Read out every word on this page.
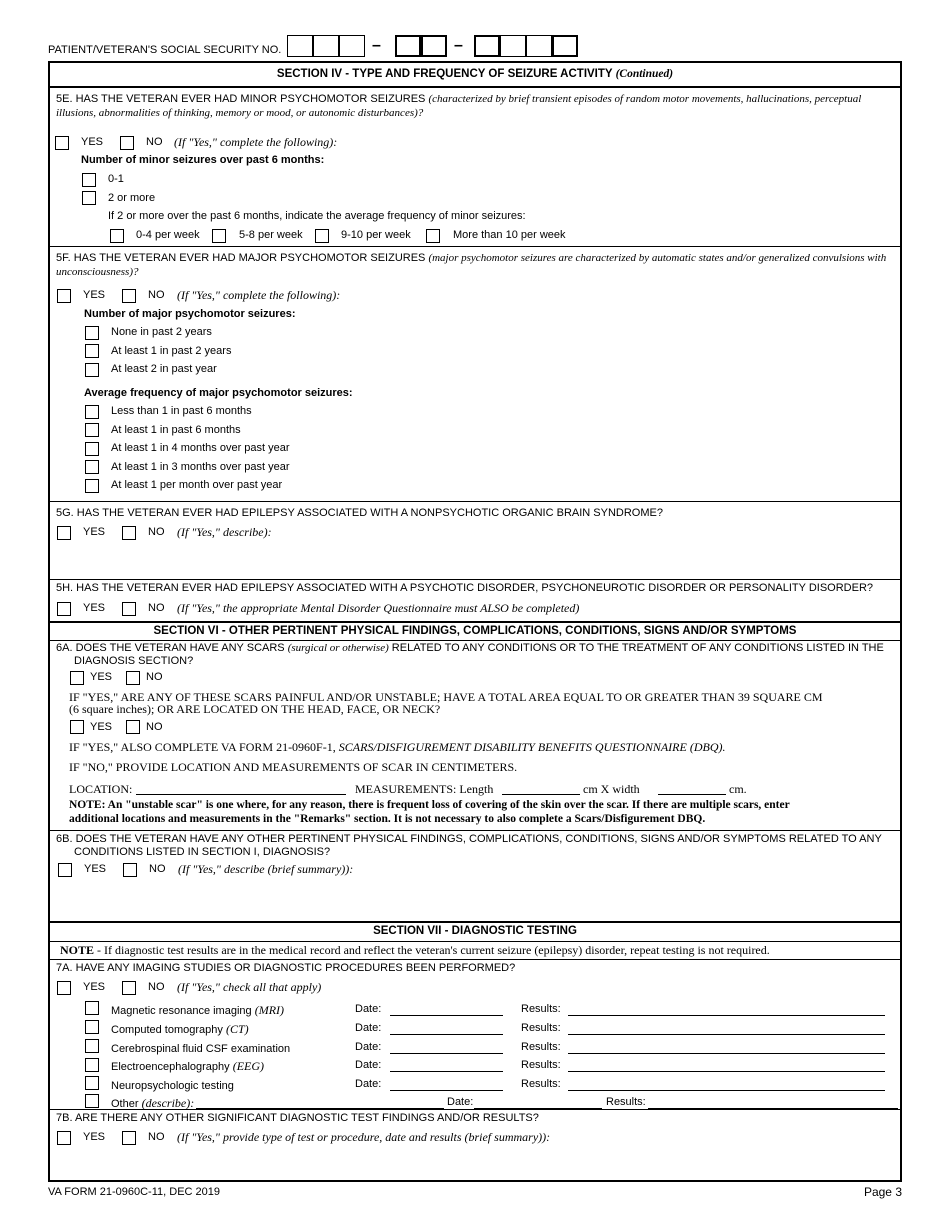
PATIENT/VETERAN'S SOCIAL SECURITY NO.	–	–
SECTION IV - TYPE AND FREQUENCY OF SEIZURE ACTIVITY (Continued)
5E. HAS THE VETERAN EVER HAD MINOR PSYCHOMOTOR SEIZURES (characterized by brief transient episodes of random motor movements, hallucinations, perceptual illusions, abnormalities of thinking, memory or mood, or autonomic disturbances)?
YES	NO (If "Yes," complete the following):
Number of minor seizures over past 6 months:
0-1
2 or more
If 2 or more over the past 6 months, indicate the average frequency of minor seizures:
0-4 per week	5-8 per week	9-10 per week	More than 10 per week
5F. HAS THE VETERAN EVER HAD MAJOR PSYCHOMOTOR SEIZURES (major psychomotor seizures are characterized by automatic states and/or generalized convulsions with unconsciousness)?
YES	NO (If "Yes," complete the following):
Number of major psychomotor seizures:
None in past 2 years
At least 1 in past 2 years
At least 2 in past year
Average frequency of major psychomotor seizures:
Less than 1 in past 6 months
At least 1 in past 6 months
At least 1 in 4 months over past year
At least 1 in 3 months over past year
At least 1 per month over past year
5G. HAS THE VETERAN EVER HAD EPILEPSY ASSOCIATED WITH A NONPSYCHOTIC ORGANIC BRAIN SYNDROME?
YES	NO (If "Yes," describe):
5H. HAS THE VETERAN EVER HAD EPILEPSY ASSOCIATED WITH A PSYCHOTIC DISORDER, PSYCHONEUROTIC DISORDER OR PERSONALITY DISORDER?
YES	NO (If "Yes," the appropriate Mental Disorder Questionnaire must ALSO be completed)
SECTION VI - OTHER PERTINENT PHYSICAL FINDINGS, COMPLICATIONS, CONDITIONS, SIGNS AND/OR SYMPTOMS
6A. DOES THE VETERAN HAVE ANY SCARS (surgical or otherwise) RELATED TO ANY CONDITIONS OR TO THE TREATMENT OF ANY CONDITIONS LISTED IN THE
DIAGNOSIS SECTION?
YES	NO
IF "YES," ARE ANY OF THESE SCARS PAINFUL AND/OR UNSTABLE; HAVE A TOTAL AREA EQUAL TO OR GREATER THAN 39 SQUARE CM
(6 square inches); OR ARE LOCATED ON THE HEAD, FACE, OR NECK?
YES	NO
IF "YES," ALSO COMPLETE VA FORM 21-0960F-1, SCARS/DISFIGUREMENT DISABILITY BENEFITS QUESTIONNAIRE (DBQ).
IF "NO," PROVIDE LOCATION AND MEASUREMENTS OF SCAR IN CENTIMETERS.
LOCATION:	MEASUREMENTS: Length	cm X width	cm.
NOTE: An "unstable scar" is one where, for any reason, there is frequent loss of covering of the skin over the scar. If there are multiple scars, enter
additional locations and measurements in the "Remarks" section. It is not necessary to also complete a Scars/Disfigurement DBQ.
6B. DOES THE VETERAN HAVE ANY OTHER PERTINENT PHYSICAL FINDINGS, COMPLICATIONS, CONDITIONS, SIGNS AND/OR SYMPTOMS RELATED TO ANY
CONDITIONS LISTED IN SECTION I, DIAGNOSIS?
YES	NO (If "Yes," describe (brief summary)):
SECTION VII - DIAGNOSTIC TESTING
NOTE - If diagnostic test results are in the medical record and reflect the veteran's current seizure (epilepsy) disorder, repeat testing is not required.
7A. HAVE ANY IMAGING STUDIES OR DIAGNOSTIC PROCEDURES BEEN PERFORMED?
YES	NO (If "Yes," check all that apply)
Magnetic resonance imaging (MRI)	Date:	Results:
Computed tomography (CT)	Date:	Results:
Cerebrospinal fluid CSF examination	Date:	Results:
Electroencephalography (EEG)	Date:	Results:
Neuropsychologic testing	Date:	Results:
Other (describe):	Date:	Results:
7B. ARE THERE ANY OTHER SIGNIFICANT DIAGNOSTIC TEST FINDINGS AND/OR RESULTS?
YES	NO (If "Yes," provide type of test or procedure, date and results (brief summary)):
VA FORM 21-0960C-11, DEC 2019	Page 3
